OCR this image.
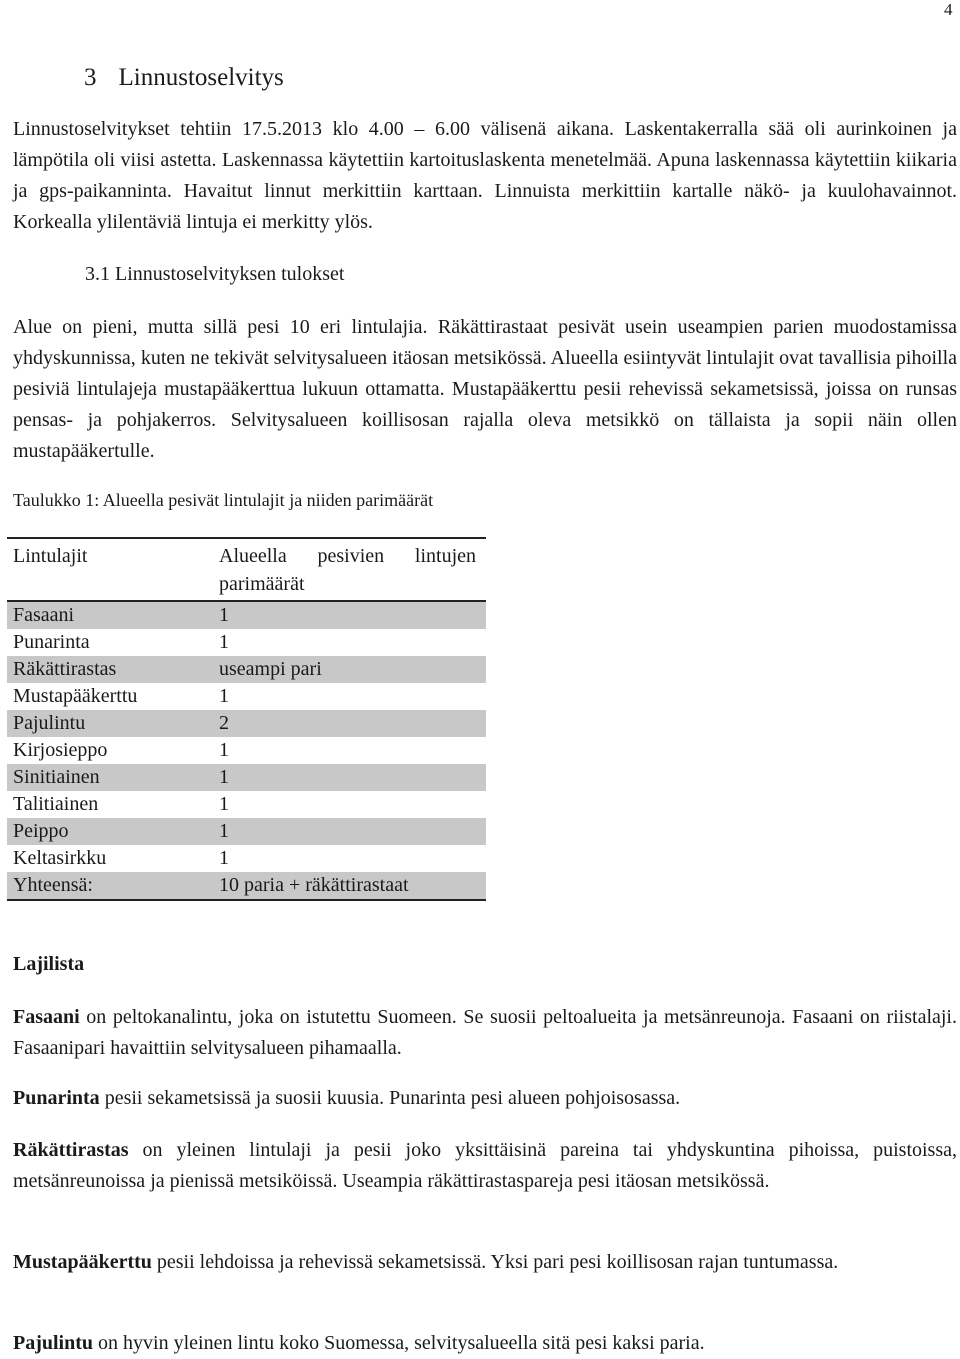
4
3 Linnustoselvitys

Linnustoselvitykset tehtiin 17.5.2013 klo 4.00 – 6.00 välisenä aikana. Laskentakerralla sää oli aurinkoinen ja lämpötila oli viisi astetta. Laskennassa käytettiin kartoituslaskenta menetelmää. Apuna laskennassa käytettiin kiikaria ja gps-paikanninta. Havaitut linnut merkittiin karttaan. Linnuista merkittiin kartalle näkö- ja kuulohavainnot. Korkealla ylilentäviä lintuja ei merkitty ylös.

3.1 Linnustoselvityksen tulokset

Alue on pieni, mutta sillä pesi 10 eri lintulajia. Räkättirastaat pesivät usein useampien parien muodostamissa yhdyskunnissa, kuten ne tekivät selvitysalueen itäosan metsikössä. Alueella esiintyvät lintulajit ovat tavallisia pihoilla pesiviä lintulajeja mustapääkerttua lukuun ottamatta. Mustapääkerttu pesii rehevissä sekametsissä, joissa on runsas pensas- ja pohjakerros. Selvitysalueen koillisosan rajalla oleva metsikkö on tällaista ja sopii näin ollen mustapääkertulle.

Taulukko 1: Alueella pesivät lintulajit ja niiden parimäärät
Lintulajit	Alueella pesivien lintujen parimäärät
Fasaani	1
Punarinta	1
Räkättirastas	useampi pari
Mustapääkerttu	1
Pajulintu	2
Kirjosieppo	1
Sinitiainen	1
Talitiainen	1
Peippo	1
Keltasirkku	1
Yhteensä:	10 paria + räkättirastaat
Lajilista

Fasaani on peltokanalintu, joka on istutettu Suomeen. Se suosii peltoalueita ja metsänreunoja. Fasaani on riistalaji. Fasaanipari havaittiin selvitysalueen pihamaalla.

Punarinta pesii sekametsissä ja suosii kuusia. Punarinta pesi alueen pohjoisosassa.

Räkättirastas on yleinen lintulaji ja pesii joko yksittäisinä pareina tai yhdyskuntina pihoissa, puistoissa, metsänreunoissa ja pienissä metsiköissä. Useampia räkättirastaspareja pesi itäosan metsikössä.

Mustapääkerttu pesii lehdoissa ja rehevissä sekametsissä. Yksi pari pesi koillisosan rajan tuntumassa.

Pajulintu on hyvin yleinen lintu koko Suomessa, selvitysalueella sitä pesi kaksi paria.
